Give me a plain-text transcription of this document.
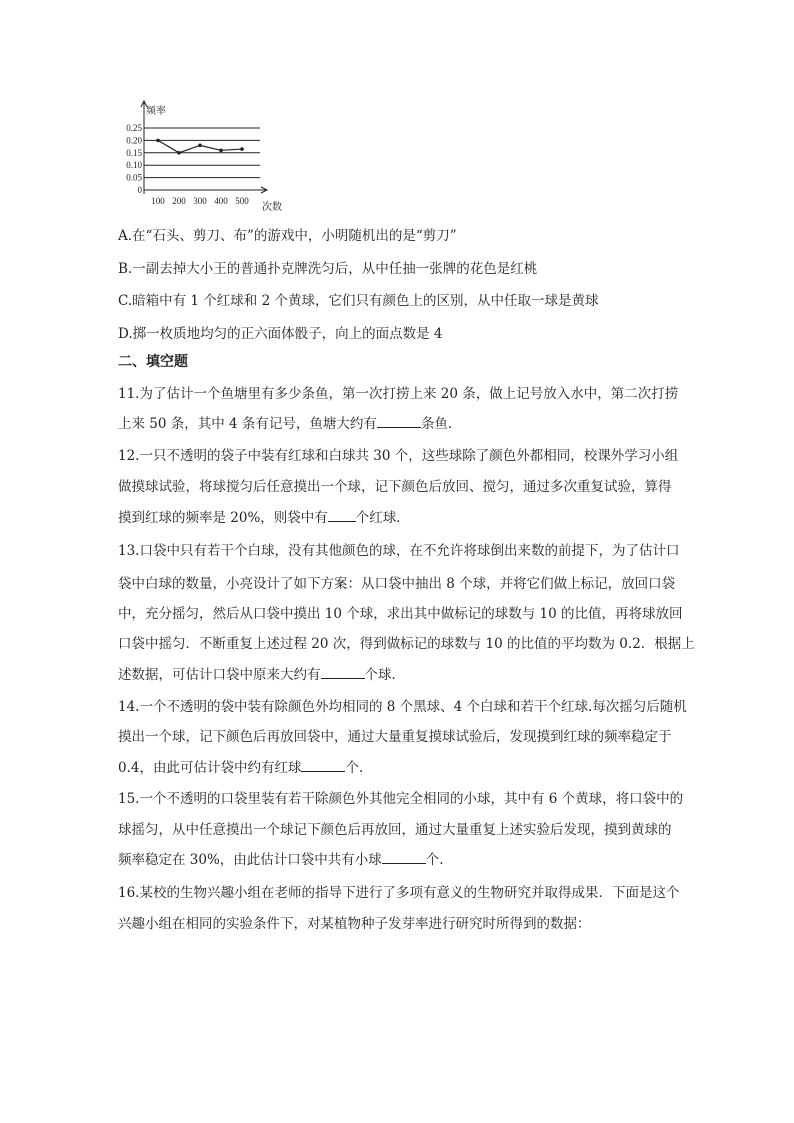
0
0.05
0.10
0.15
0.20
0.25
100 200 300 400 500
频率
次数
A.在“石头、剪刀、布”的游戏中，小明随机出的是“剪刀”
B.一副去掉大小王的普通扑克牌洗匀后，从中任抽一张牌的花色是红桃
C.暗箱中有 1 个红球和 2 个黄球，它们只有颜色上的区别，从中任取一球是黄球
D.掷一枚质地均匀的正六面体骰子，向上的面点数是 4
二、填空题
11.为了估计一个鱼塘里有多少条鱼，第一次打捞上来 20 条，做上记号放入水中，第二次打捞
上来 50 条，其中 4 条有记号，鱼塘大约有	条鱼．
12.一只不透明的袋子中装有红球和白球共 30 个，这些球除了颜色外都相同，校课外学习小组
做摸球试验，将球搅匀后任意摸出一个球，记下颜色后放回、搅匀，通过多次重复试验，算得
摸到红球的频率是 20%，则袋中有 个红球．
13.口袋中只有若干个白球，没有其他颜色的球，在不允许将球倒出来数的前提下，为了估计口
袋中白球的数量，小亮设计了如下方案：从口袋中抽出 8 个球，并将它们做上标记，放回口袋
中，充分摇匀，然后从口袋中摸出 10 个球，求出其中做标记的球数与 10 的比值，再将球放回
口袋中摇匀．不断重复上述过程 20 次，得到做标记的球数与 10 的比值的平均数为 0.2．根据上
述数据，可估计口袋中原来大约有	个球．
14.一个不透明的袋中装有除颜色外均相同的 8 个黑球、4 个白球和若干个红球.每次摇匀后随机
摸出一个球，记下颜色后再放回袋中，通过大量重复摸球试验后，发现摸到红球的频率稳定于
0.4，由此可估计袋中约有红球	个.
15.一个不透明的口袋里装有若干除颜色外其他完全相同的小球，其中有 6 个黄球，将口袋中的
球摇匀，从中任意摸出一个球记下颜色后再放回，通过大量重复上述实验后发现，摸到黄球的
频率稳定在 30%，由此估计口袋中共有小球	个.
16.某校的生物兴趣小组在老师的指导下进行了多项有意义的生物研究并取得成果．下面是这个
兴趣小组在相同的实验条件下，对某植物种子发芽率进行研究时所得到的数据：
